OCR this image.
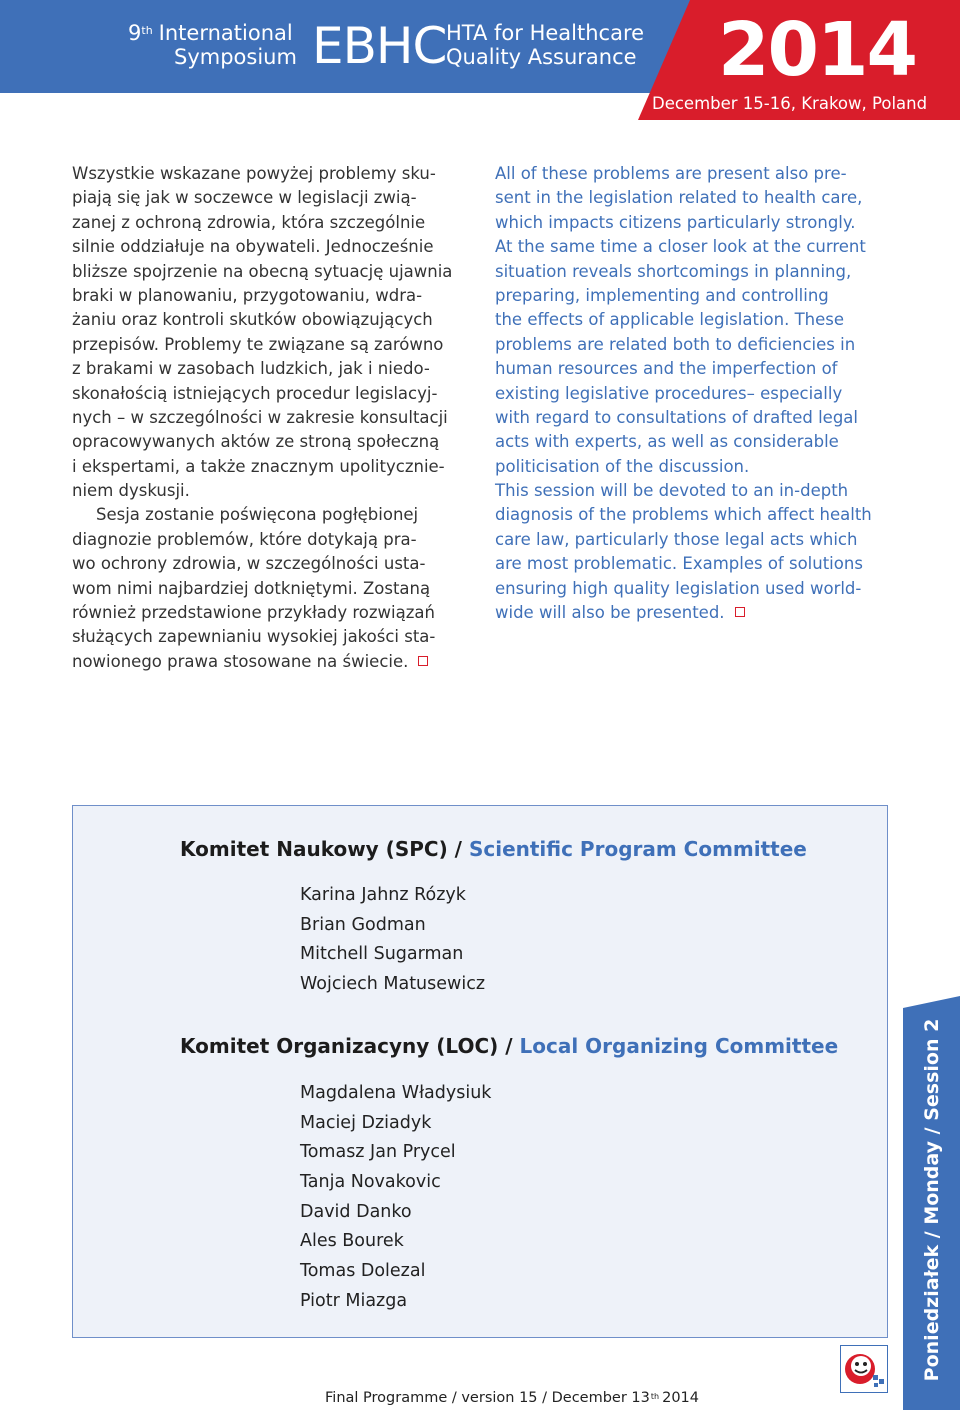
9th International
Symposium EBHC HTA for Healthcare
Quality Assurance 2014
December 15-16, Krakow, Poland
Wszystkie wskazane powyżej problemy sku-
piają się jak w soczewce w legislacji zwią-
zanej z ochroną zdrowia, która szczególnie
silnie oddziałuje na obywateli. Jednocześnie
bliższe spojrzenie na obecną sytuację ujawnia
braki w planowaniu, przygotowaniu, wdra-
żaniu oraz kontroli skutków obowiązujących
przepisów. Problemy te związane są zarówno
z brakami w zasobach ludzkich, jak i niedo-
skonałością istniejących procedur legislacyj-
nych – w szczególności w zakresie konsultacji
opracowywanych aktów ze stroną społeczną
i ekspertami, a także znacznym upolitycznie-
niem dyskusji.
Sesja zostanie poświęcona pogłębionej
diagnozie problemów, które dotykają pra-
wo ochrony zdrowia, w szczególności usta-
wom nimi najbardziej dotkniętymi. Zostaną
również przedstawione przykłady rozwiązań
służących zapewnianiu wysokiej jakości sta-
nowionego prawa stosowane na świecie.
All of these problems are present also pre-
sent in the legislation related to health care,
which impacts citizens particularly strongly.
At the same time a closer look at the current
situation reveals shortcomings in planning,
preparing, implementing and controlling
the effects of applicable legislation. These
problems are related both to deficiencies in
human resources and the imperfection of
existing legislative procedures– especially
with regard to consultations of drafted legal
acts with experts, as well as considerable
politicisation of the discussion.
This session will be devoted to an in-depth
diagnosis of the problems which affect health
care law, particularly those legal acts which
are most problematic. Examples of solutions
ensuring high quality legislation used world-
wide will also be presented.
Komitet Naukowy (SPC) / Scientific Program Committee
Karina Jahnz Rózyk
Brian Godman
Mitchell Sugarman
Wojciech Matusewicz
Komitet Organizacyny (LOC) / Local Organizing Committee
Magdalena Władysiuk
Maciej Dziadyk
Tomasz Jan Prycel
Tanja Novakovic
David Danko
Ales Bourek
Tomas Dolezal
Piotr Miazga	Poniedziałek / Monday / Session 2
Final Programme / version 15 / December 13th 2014
